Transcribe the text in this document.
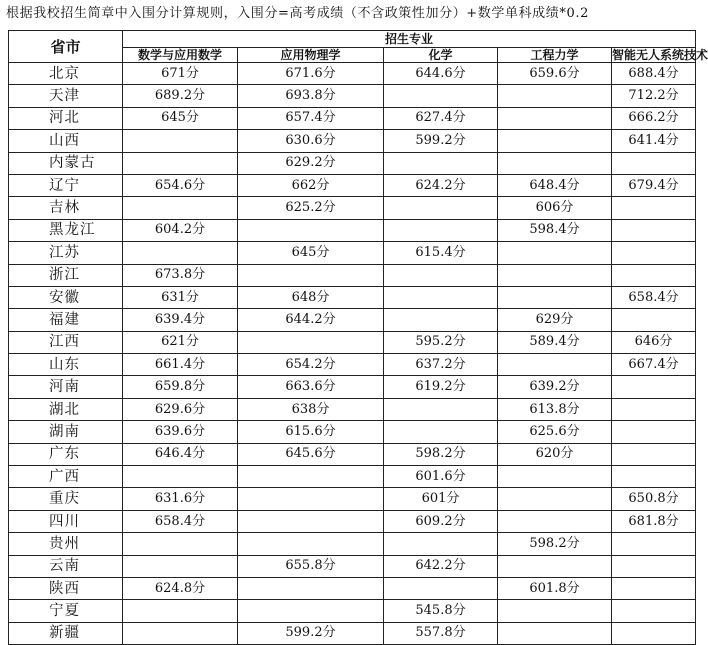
根据我校招生简章中入围分计算规则，入围分=高考成绩（不含政策性加分）+数学单科成绩*0.2
省市	招生专业				
	数学与应用数学	应用物理学	化学	工程力学	智能无人系统技术
北京	671分	671.6分	644.6分	659.6分	688.4分
天津	689.2分	693.8分			712.2分
河北	645分	657.4分	627.4分		666.2分
山西		630.6分	599.2分		641.4分
内蒙古		629.2分			
辽宁	654.6分	662分	624.2分	648.4分	679.4分
吉林		625.2分		606分	
黑龙江	604.2分			598.4分	
江苏		645分	615.4分		
浙江	673.8分				
安徽	631分	648分			658.4分
福建	639.4分	644.2分		629分	
江西	621分		595.2分	589.4分	646分
山东	661.4分	654.2分	637.2分		667.4分
河南	659.8分	663.6分	619.2分	639.2分	
湖北	629.6分	638分		613.8分	
湖南	639.6分	615.6分		625.6分	
广东	646.4分	645.6分	598.2分	620分	
广西			601.6分		
重庆	631.6分		601分		650.8分
四川	658.4分		609.2分		681.8分
贵州				598.2分	
云南		655.8分	642.2分		
陕西	624.8分			601.8分	
宁夏			545.8分		
新疆		599.2分	557.8分		
